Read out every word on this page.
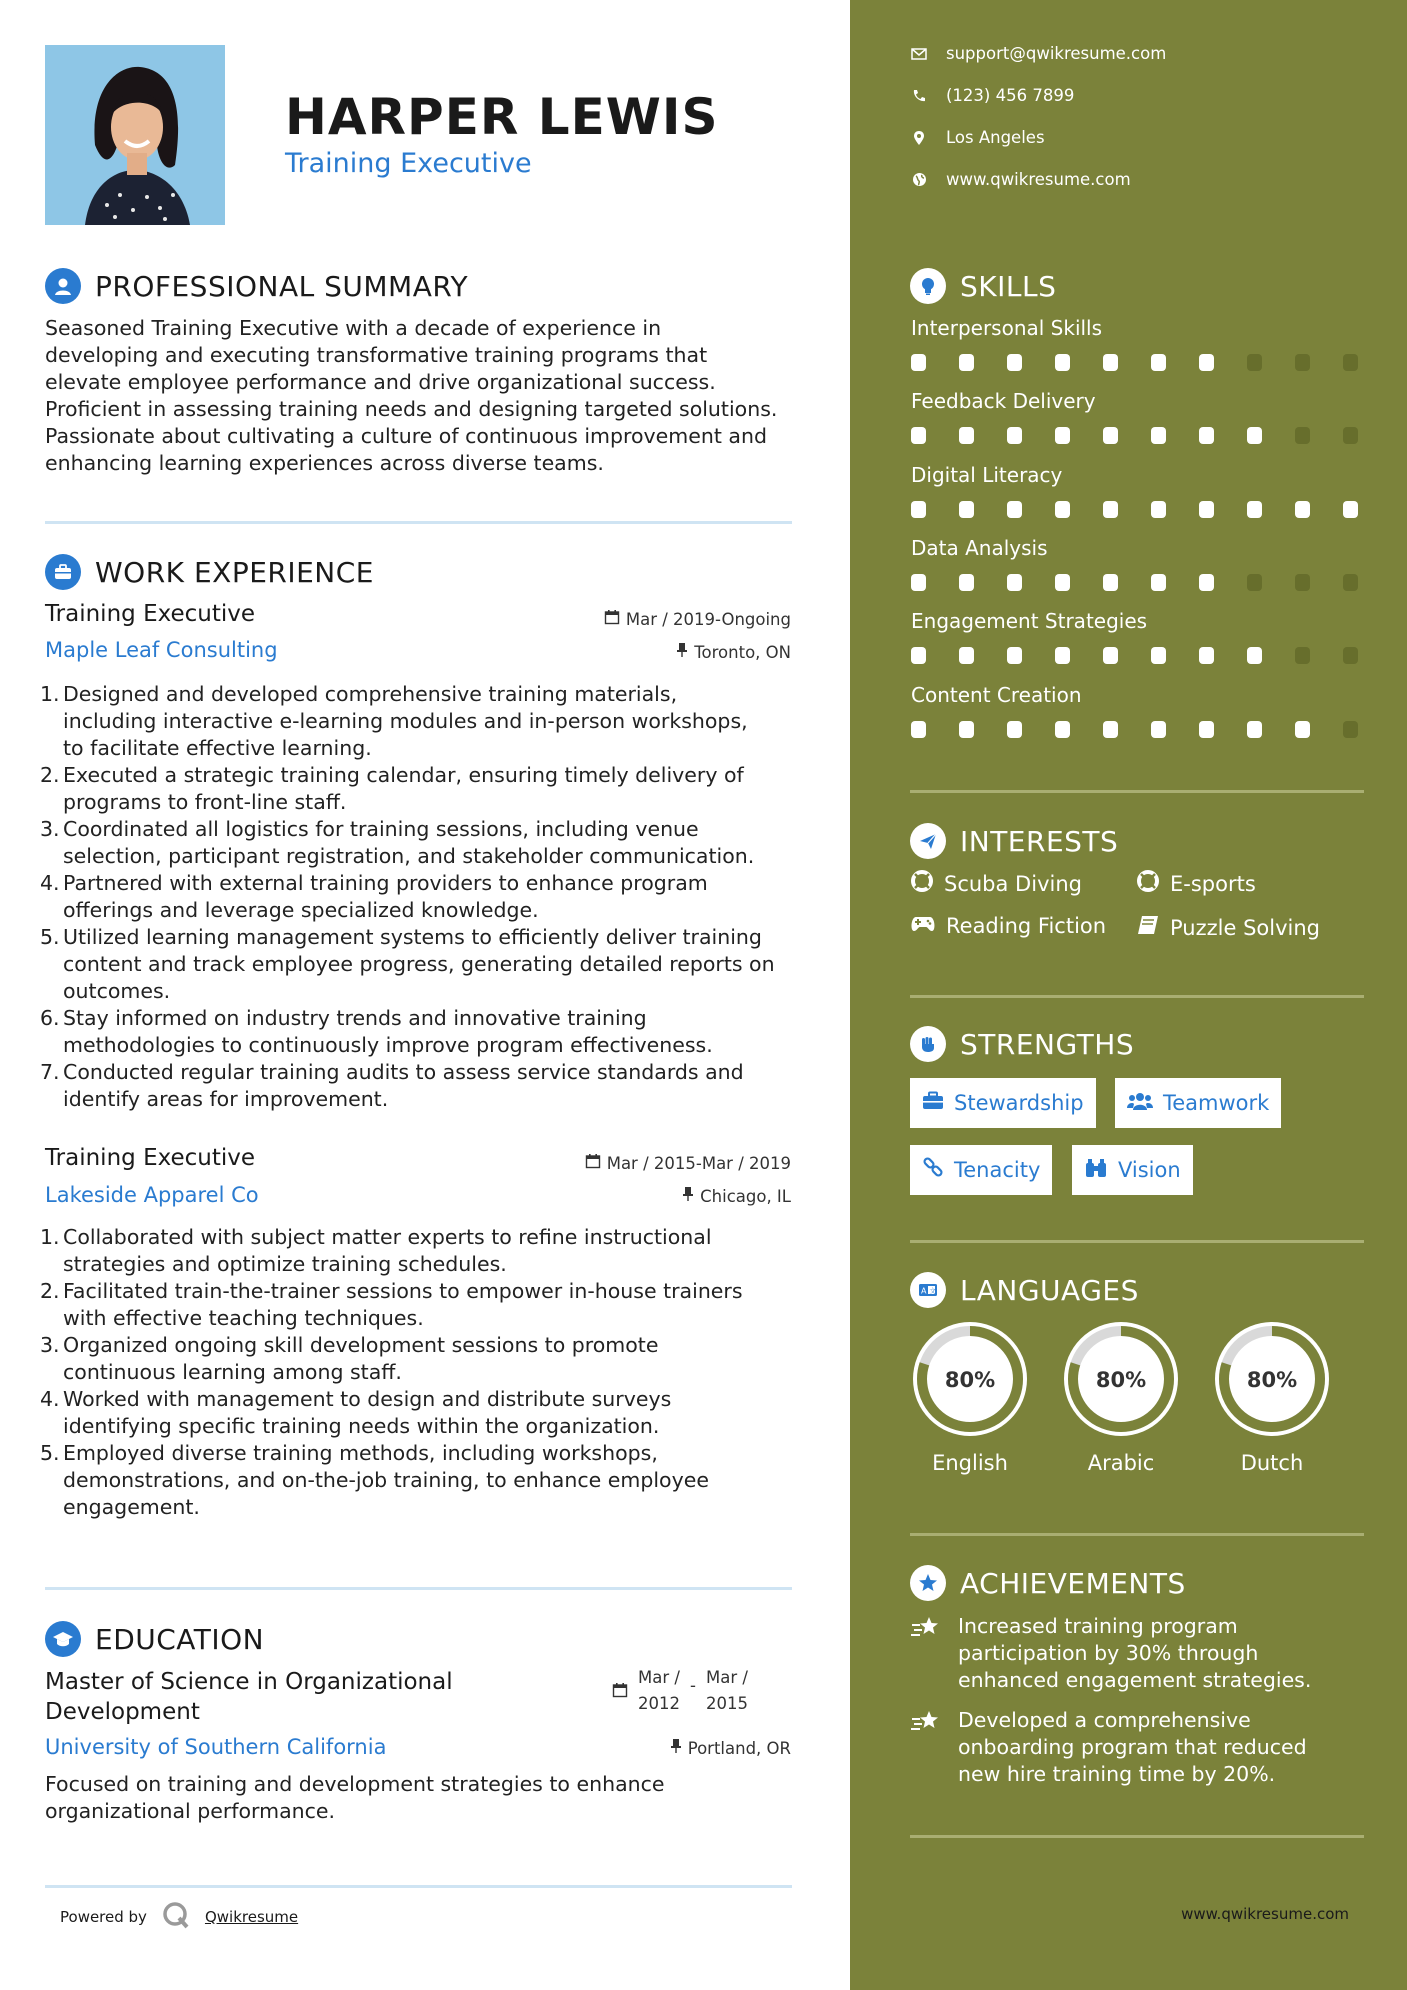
HARPER LEWIS
Training Executive
PROFESSIONAL SUMMARY
Seasoned Training Executive with a decade of experience in
developing and executing transformative training programs that
elevate employee performance and drive organizational success.
Proficient in assessing training needs and designing targeted solutions.
Passionate about cultivating a culture of continuous improvement and
enhancing learning experiences across diverse teams.
WORK EXPERIENCE
Training Executive	Mar / 2019-Ongoing
Maple Leaf Consulting	Toronto, ON
1. Designed and developed comprehensive training materials,
including interactive e-learning modules and in-person workshops,
to facilitate effective learning.
2. Executed a strategic training calendar, ensuring timely delivery of
programs to front-line staff.
3. Coordinated all logistics for training sessions, including venue
selection, participant registration, and stakeholder communication.
4. Partnered with external training providers to enhance program
offerings and leverage specialized knowledge.
5. Utilized learning management systems to efficiently deliver training
content and track employee progress, generating detailed reports on
outcomes.
6. Stay informed on industry trends and innovative training
methodologies to continuously improve program effectiveness.
7. Conducted regular training audits to assess service standards and
identify areas for improvement.
Training Executive	Mar / 2015-Mar / 2019
Lakeside Apparel Co	Chicago, IL
1. Collaborated with subject matter experts to refine instructional
strategies and optimize training schedules.
2. Facilitated train-the-trainer sessions to empower in-house trainers
with effective teaching techniques.
3. Organized ongoing skill development sessions to promote
continuous learning among staff.
4. Worked with management to design and distribute surveys
identifying specific training needs within the organization.
5. Employed diverse training methods, including workshops,
demonstrations, and on-the-job training, to enhance employee
engagement.
EDUCATION
Master of Science in Organizational
Development
Mar /
2012
- Mar /
2015
University of Southern California	Portland, OR
Focused on training and development strategies to enhance
organizational performance.
Powered by	Qwikresume
support@qwikresume.com
(123) 456 7899
Los Angeles
www.qwikresume.com
SKILLS
Interpersonal Skills
Feedback Delivery
Digital Literacy
Data Analysis
Engagement Strategies
Content Creation
INTERESTS
Scuba Diving	E-sports
Reading Fiction	Puzzle Solving
STRENGTHS
Stewardship	Teamwork
Tenacity	Vision
A 文 LANGUAGES
80%
English
80%
Arabic
80%
Dutch
ACHIEVEMENTS
Increased training program
participation by 30% through
enhanced engagement strategies.
Developed a comprehensive
onboarding program that reduced
new hire training time by 20%.
www.qwikresume.com
